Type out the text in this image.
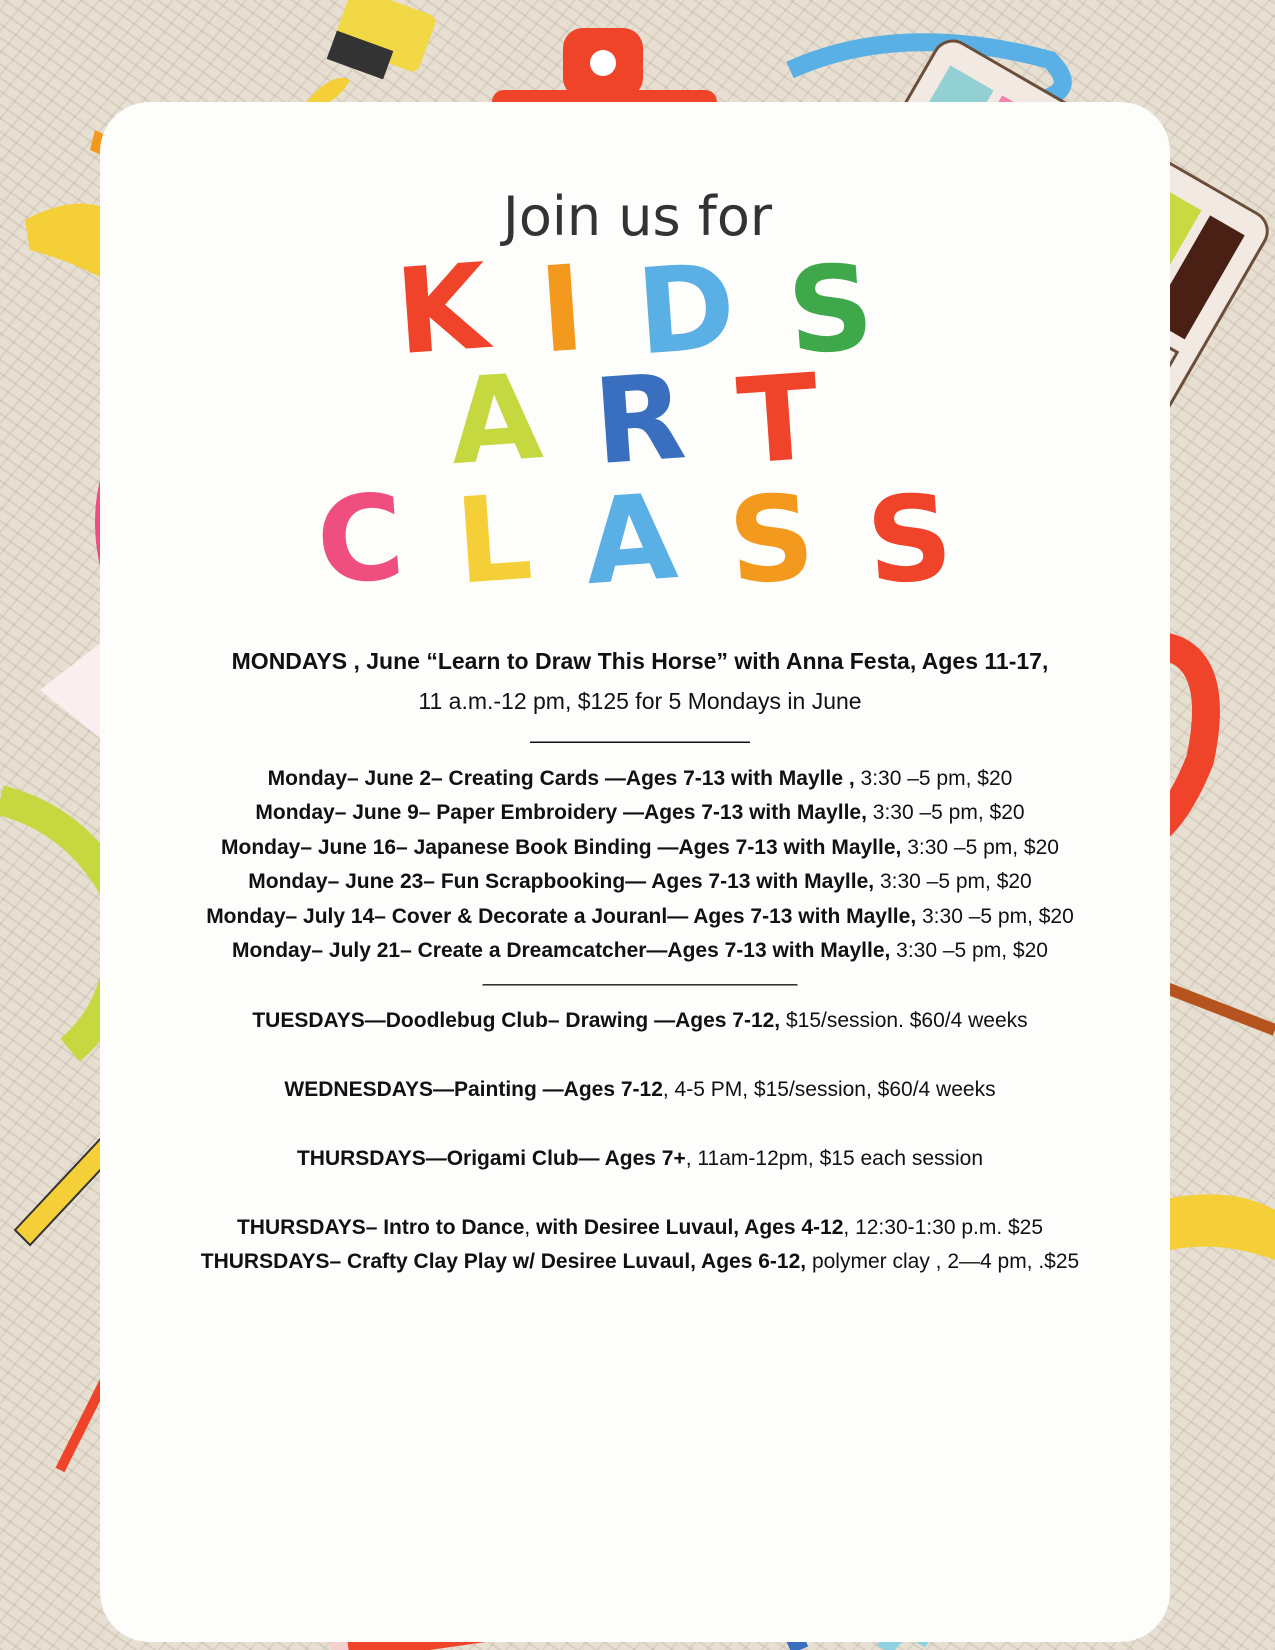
Join us for
K I D S
A R T
C L A S S
MONDAYS , June “Learn to Draw This Horse” with Anna Festa, Ages 11-17,
11 a.m.-12 pm, $125 for 5 Mondays in June
——————————
Monday– June 2– Creating Cards —Ages 7-13 with Maylle , 3:30 –5 pm, $20
Monday– June 9– Paper Embroidery —Ages 7-13 with Maylle, 3:30 –5 pm, $20
Monday– June 16– Japanese Book Binding —Ages 7-13 with Maylle, 3:30 –5 pm, $20
Monday– June 23– Fun Scrapbooking— Ages 7-13 with Maylle, 3:30 –5 pm, $20
Monday– July 14– Cover & Decorate a Jouranl— Ages 7-13 with Maylle, 3:30 –5 pm, $20
Monday– July 21– Create a Dreamcatcher—Ages 7-13 with Maylle, 3:30 –5 pm, $20
———————————————
TUESDAYS—Doodlebug Club– Drawing —Ages 7-12, $15/session. $60/4 weeks
WEDNESDAYS—Painting —Ages 7-12, 4-5 PM, $15/session, $60/4 weeks
THURSDAYS—Origami Club— Ages 7+, 11am-12pm, $15 each session
THURSDAYS– Intro to Dance, with Desiree Luvaul, Ages 4-12, 12:30-1:30 p.m. $25
THURSDAYS– Crafty Clay Play w/ Desiree Luvaul, Ages 6-12, polymer clay , 2—4 pm, .$25
